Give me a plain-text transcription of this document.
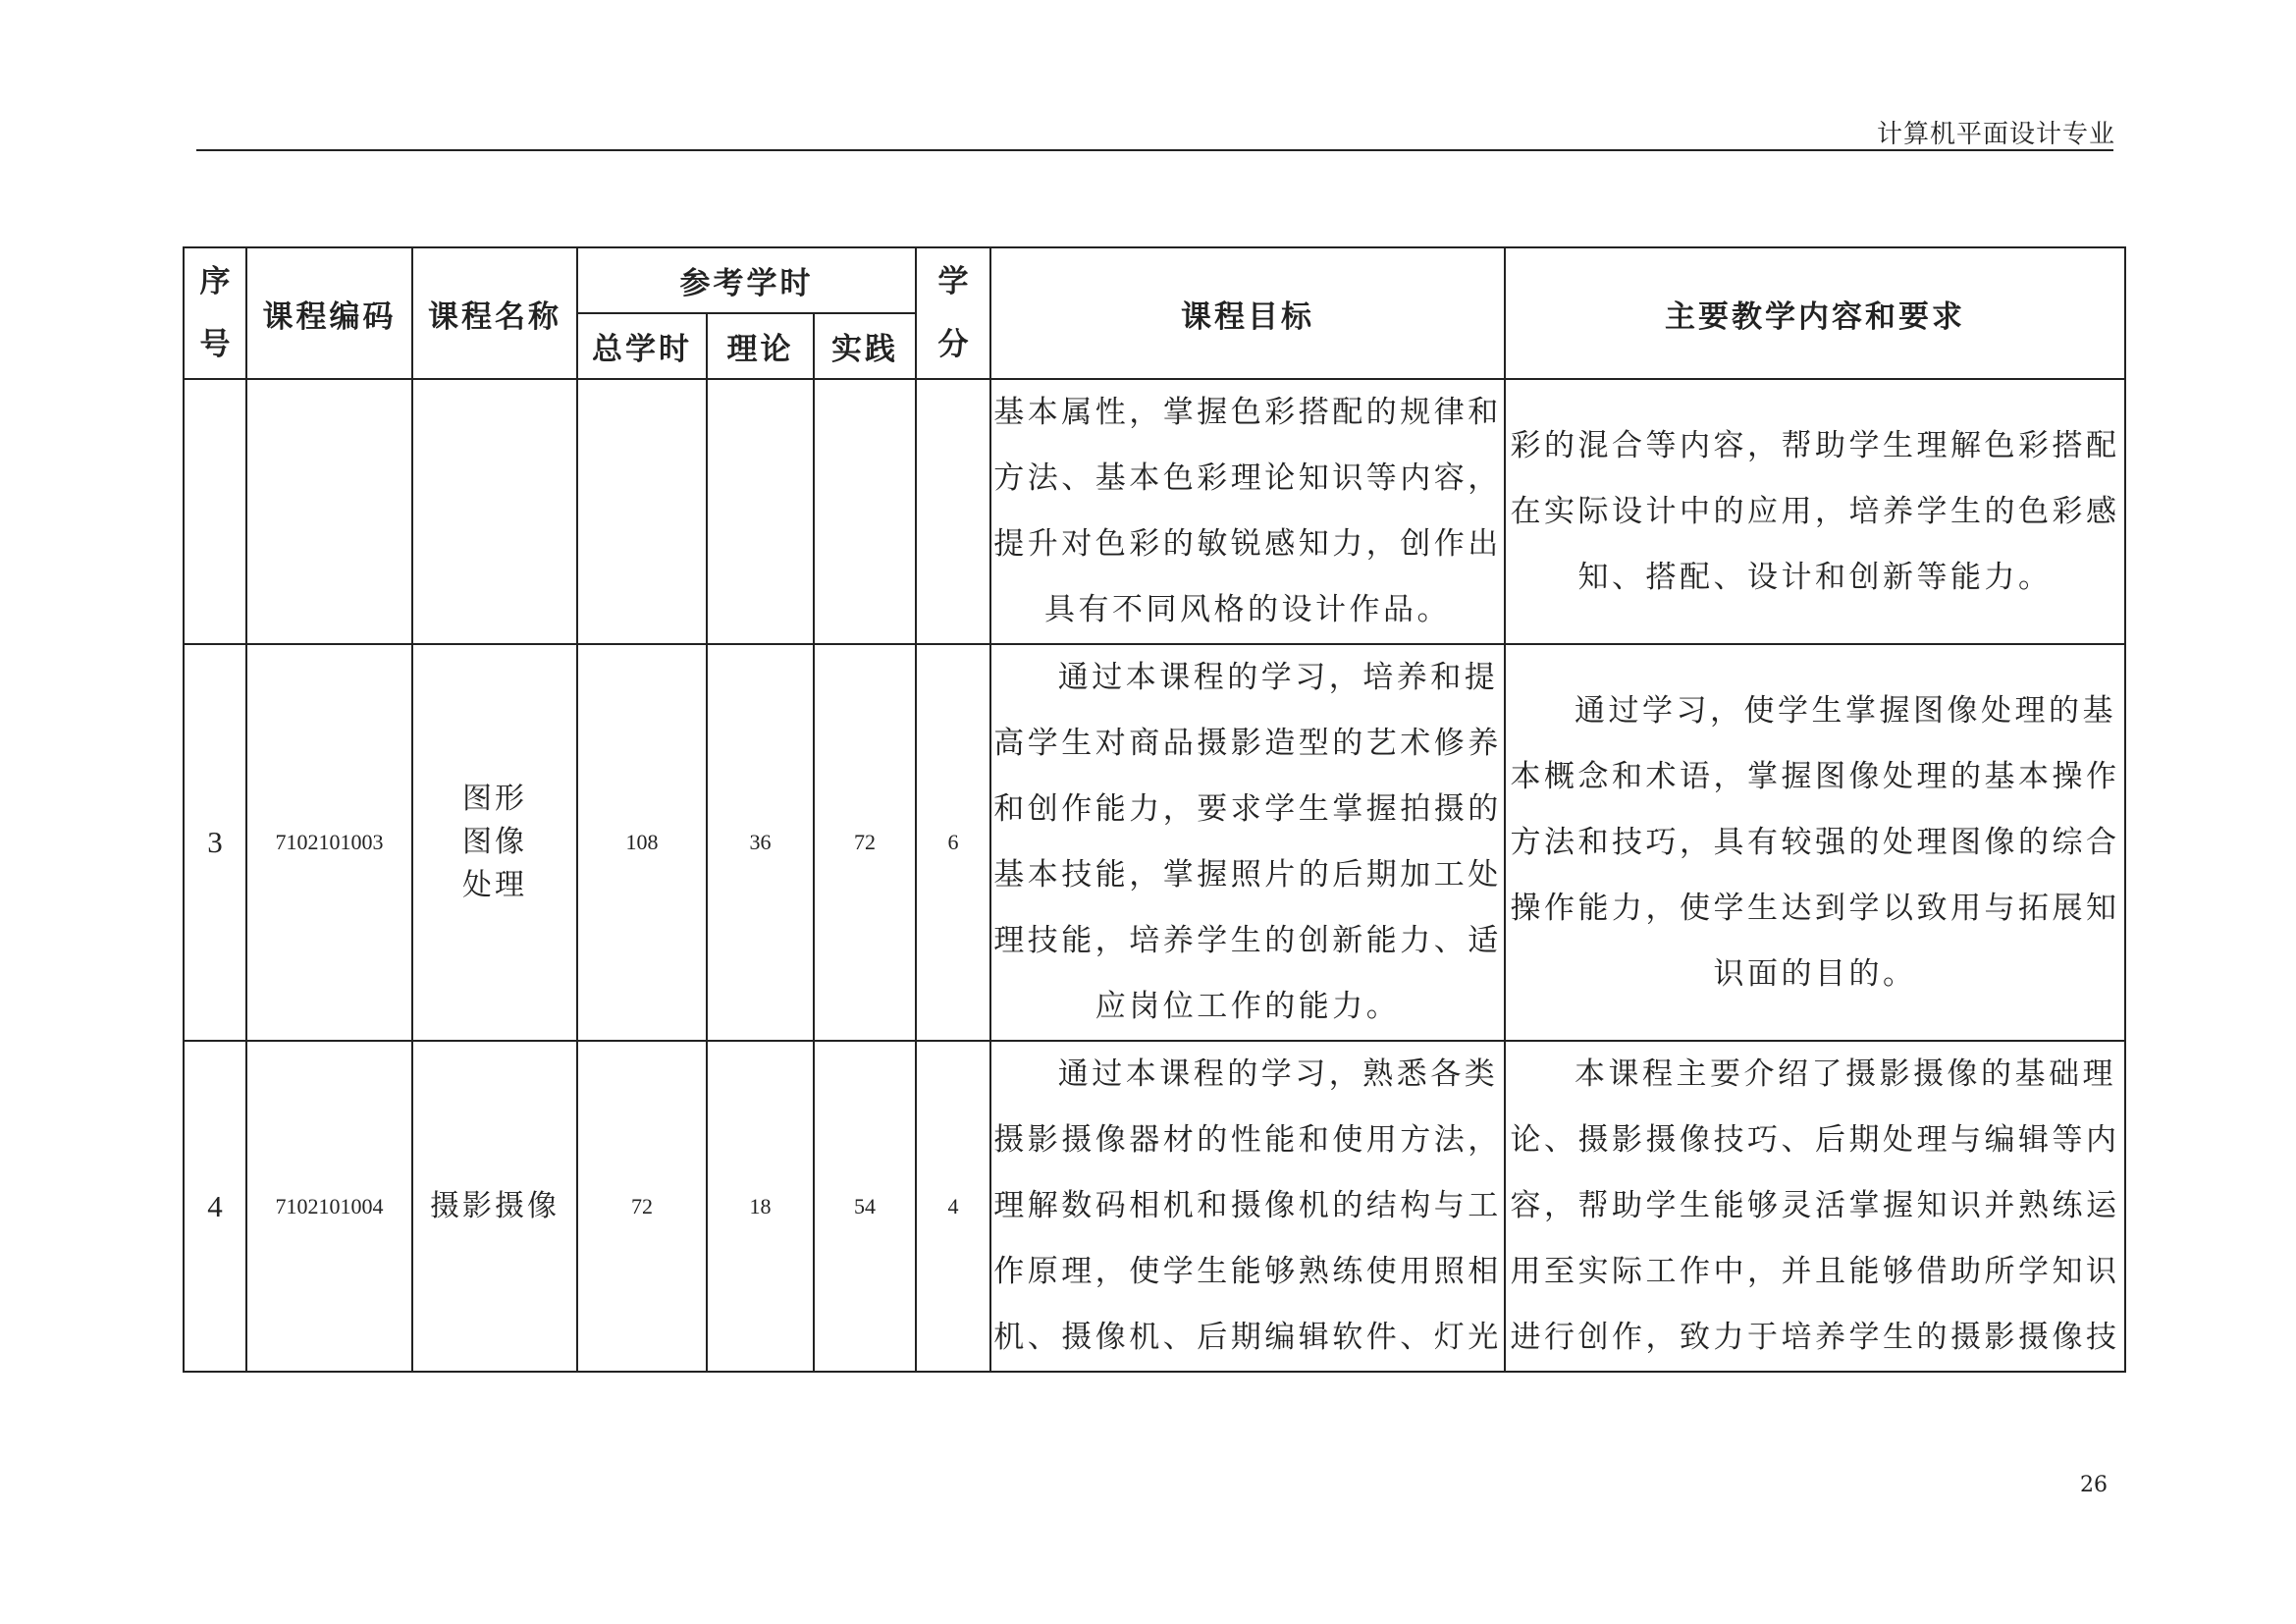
计算机平面设计专业
序号	课程编码	课程名称	参考学时			学分	课程目标	主要教学内容和要求
			总学时	理论	实践			
							基本属性，掌握色彩搭配的规律和方法、基本色彩理论知识等内容，提升对色彩的敏锐感知力，创作出具有不同风格的设计作品。	彩的混合等内容，帮助学生理解色彩搭配在实际设计中的应用，培养学生的色彩感知、搭配、设计和创新等能力。
3	7102101003	图形图像处理	108	36	72	6	通过本课程的学习，培养和提高学生对商品摄影造型的艺术修养和创作能力，要求学生掌握拍摄的基本技能，掌握照片的后期加工处理技能，培养学生的创新能力、适应岗位工作的能力。	通过学习，使学生掌握图像处理的基本概念和术语，掌握图像处理的基本操作方法和技巧，具有较强的处理图像的综合操作能力，使学生达到学以致用与拓展知识面的目的。
4	7102101004	摄影摄像	72	18	54	4	通过本课程的学习，熟悉各类摄影摄像器材的性能和使用方法，理解数码相机和摄像机的结构与工作原理，使学生能够熟练使用照相机、摄像机、后期编辑软件、灯光	本课程主要介绍了摄影摄像的基础理论、摄影摄像技巧、后期处理与编辑等内容，帮助学生能够灵活掌握知识并熟练运用至实际工作中，并且能够借助所学知识进行创作，致力于培养学生的摄影摄像技
26
